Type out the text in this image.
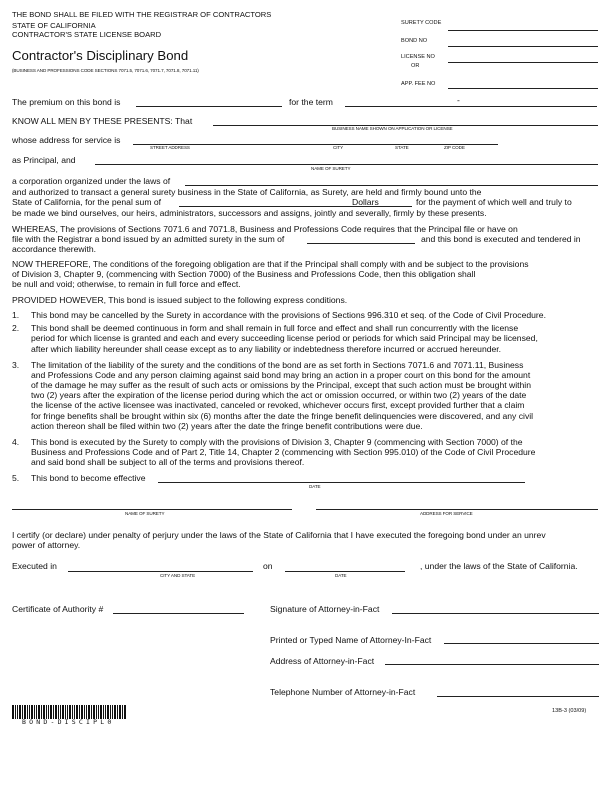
THE BOND SHALL BE FILED WITH THE REGISTRAR OF CONTRACTORS
STATE OF CALIFORNIA
CONTRACTOR'S STATE LICENSE BOARD
Contractor's Disciplinary Bond
(BUSINESS AND PROFESSIONS CODE SECTIONS 7071.5, 7071.6, 7071.7, 7071.8, 7071.11)
SURETY CODE
BOND NO
LICENSE NO
OR
APP. FEE NO
The premium on this bond is	for the term	-
KNOW ALL MEN BY THESE PRESENTS: That
BUSINESS NAME SHOWN ON APPLICATION OR LICENSE
whose address for service is
STREET ADDRESS	CITY	STATE	ZIP CODE
as Principal, and
NAME OF SURETY
a corporation organized under the laws of
and authorized to transact a general surety business in the State of California, as Surety, are held and firmly bound unto the
State of California, for the penal sum of	Dollars	for the payment of which well and truly to
be made we bind ourselves, our heirs, administrators, successors and assigns, jointly and severally, firmly by these presents.
WHEREAS, The provisions of Sections 7071.6 and 7071.8, Business and Professions Code requires that the Principal file or have on
file with the Registrar a bond issued by an admitted surety in the sum of	and this bond is executed and tendered in
accordance therewith.
NOW THEREFORE, The conditions of the foregoing obligation are that if the Principal shall comply with and be subject to the provisions
of Division 3, Chapter 9, (commencing with Section 7000) of the Business and Professions Code, then this obligation shall
be null and void; otherwise, to remain in full force and effect.
PROVIDED HOWEVER, This bond is issued subject to the following express conditions.
1. This bond may be cancelled by the Surety in accordance with the provisions of Sections 996.310 et seq. of the Code of Civil Procedure.
2. This bond shall be deemed continuous in form and shall remain in full force and effect and shall run concurrently with the license
period for which license is granted and each and every succeeding license period or periods for which said Principal may be licensed,
after which liability hereunder shall cease except as to any liability or indebtedness therefore incurred or accrued hereunder.
3. The limitation of the liability of the surety and the conditions of the bond are as set forth in Sections 7071.6 and 7071.11, Business
and Professions Code and any person claiming against said bond may bring an action in a proper court on this bond for the amount
of the damage he may suffer as the result of such acts or omissions by the Principal, except that such action must be brought within
two (2) years after the expiration of the license period during which the act or omission occurred, or within two (2) years of the date
the license of the active licensee was inactivated, canceled or revoked, whichever occurs first, except provided further that a claim
for fringe benefits shall be brought within six (6) months after the date the fringe benefit delinquencies were discovered, and any civil
action thereon shall be filed within two (2) years after the date the fringe benefit contributions were due.
4. This bond is executed by the Surety to comply with the provisions of Division 3, Chapter 9 (commencing with Section 7000) of the
Business and Professions Code and of Part 2, Title 14, Chapter 2 (commencing with Section 995.010) of the Code of Civil Procedure
and said bond shall be subject to all of the terms and provisions thereof.
5. This bond to become effective
DATE
NAME OF SURETY	ADDRESS FOR SERVICE
I certify (or declare) under penalty of perjury under the laws of the State of California that I have executed the foregoing bond under an unrev
power of attorney.
Executed in
CITY AND STATE
on
DATE
, under the laws of the State of California.
Certificate of Authority #	Signature of Attorney-in-Fact
Printed or Typed Name of Attorney-In-Fact
Address of Attorney-in-Fact
Telephone Number of Attorney-in-Fact
BOND-DISCIPL0
13B-3 (03/09)
